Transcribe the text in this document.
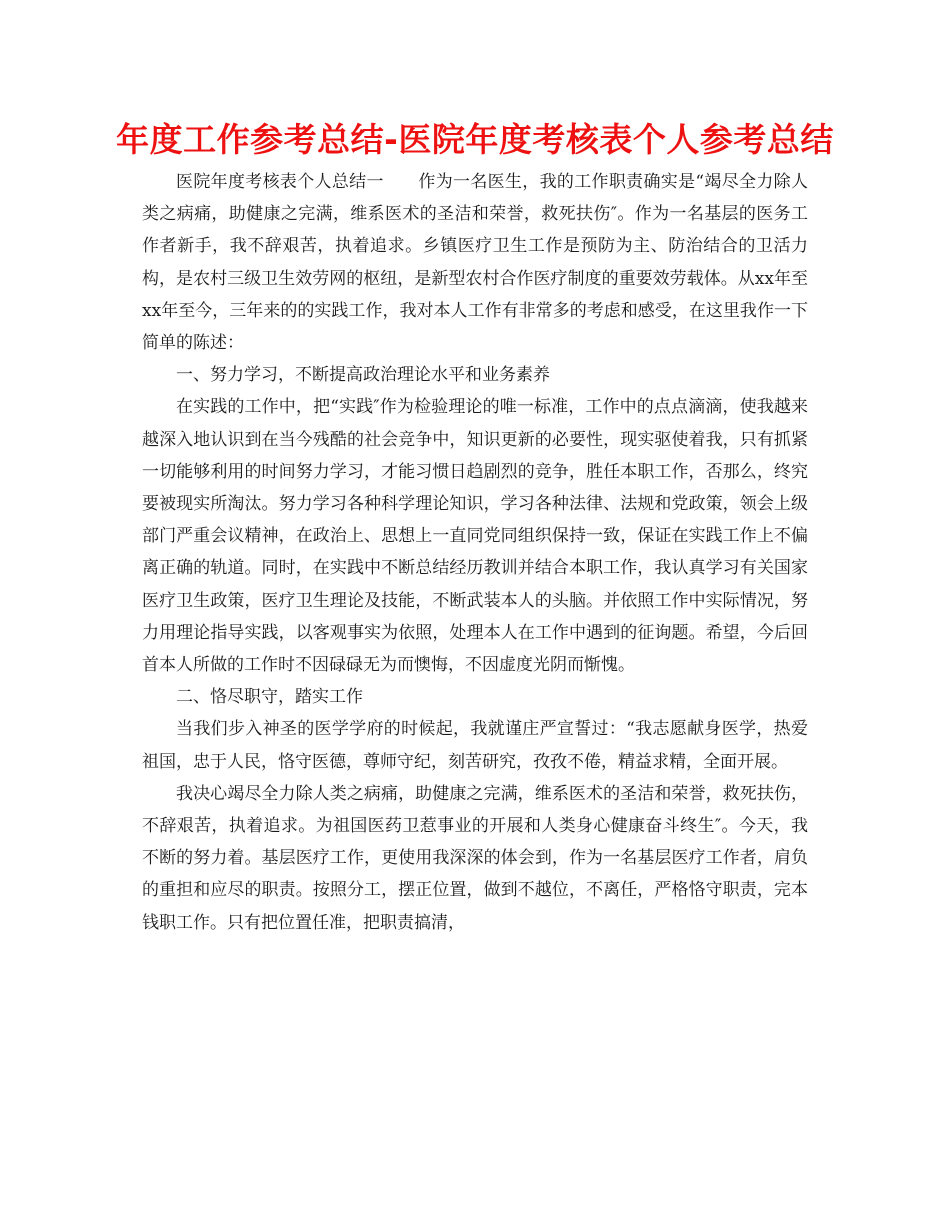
年度工作参考总结-医院年度考核表个人参考总结

医院年度考核表个人总结一　　作为一名医生，我的工作职责确实是“竭尽全力除人类之病痛，助健康之完满，维系医术的圣洁和荣誉，救死扶伤″。作为一名基层的医务工作者新手，我不辞艰苦，执着追求。乡镇医疗卫生工作是预防为主、防治结合的卫活力构，是农村三级卫生效劳网的枢纽，是新型农村合作医疗制度的重要效劳载体。从xx年至xx年至今，三年来的的实践工作，我对本人工作有非常多的考虑和感受，在这里我作一下简单的陈述：

一、努力学习，不断提高政治理论水平和业务素养

在实践的工作中，把“实践″作为检验理论的唯一标准，工作中的点点滴滴，使我越来越深入地认识到在当今残酷的社会竞争中，知识更新的必要性，现实驱使着我，只有抓紧一切能够利用的时间努力学习，才能习惯日趋剧烈的竞争，胜任本职工作，否那么，终究要被现实所淘汰。努力学习各种科学理论知识，学习各种法律、法规和党政策，领会上级部门严重会议精神，在政治上、思想上一直同党同组织保持一致，保证在实践工作上不偏离正确的轨道。同时，在实践中不断总结经历教训并结合本职工作，我认真学习有关国家医疗卫生政策，医疗卫生理论及技能，不断武装本人的头脑。并依照工作中实际情况，努力用理论指导实践，以客观事实为依照，处理本人在工作中遇到的征询题。希望，今后回首本人所做的工作时不因碌碌无为而懊悔，不因虚度光阴而惭愧。

二、恪尽职守，踏实工作

当我们步入神圣的医学学府的时候起，我就谨庄严宣誓过：“我志愿献身医学，热爱祖国，忠于人民，恪守医德，尊师守纪，刻苦研究，孜孜不倦，精益求精，全面开展。

我决心竭尽全力除人类之病痛，助健康之完满，维系医术的圣洁和荣誉，救死扶伤，不辞艰苦，执着追求。为祖国医药卫惹事业的开展和人类身心健康奋斗终生″。今天，我不断的努力着。基层医疗工作，更使用我深深的体会到，作为一名基层医疗工作者，肩负的重担和应尽的职责。按照分工，摆正位置，做到不越位，不离任，严格恪守职责，完本钱职工作。只有把位置任准，把职责搞清，
